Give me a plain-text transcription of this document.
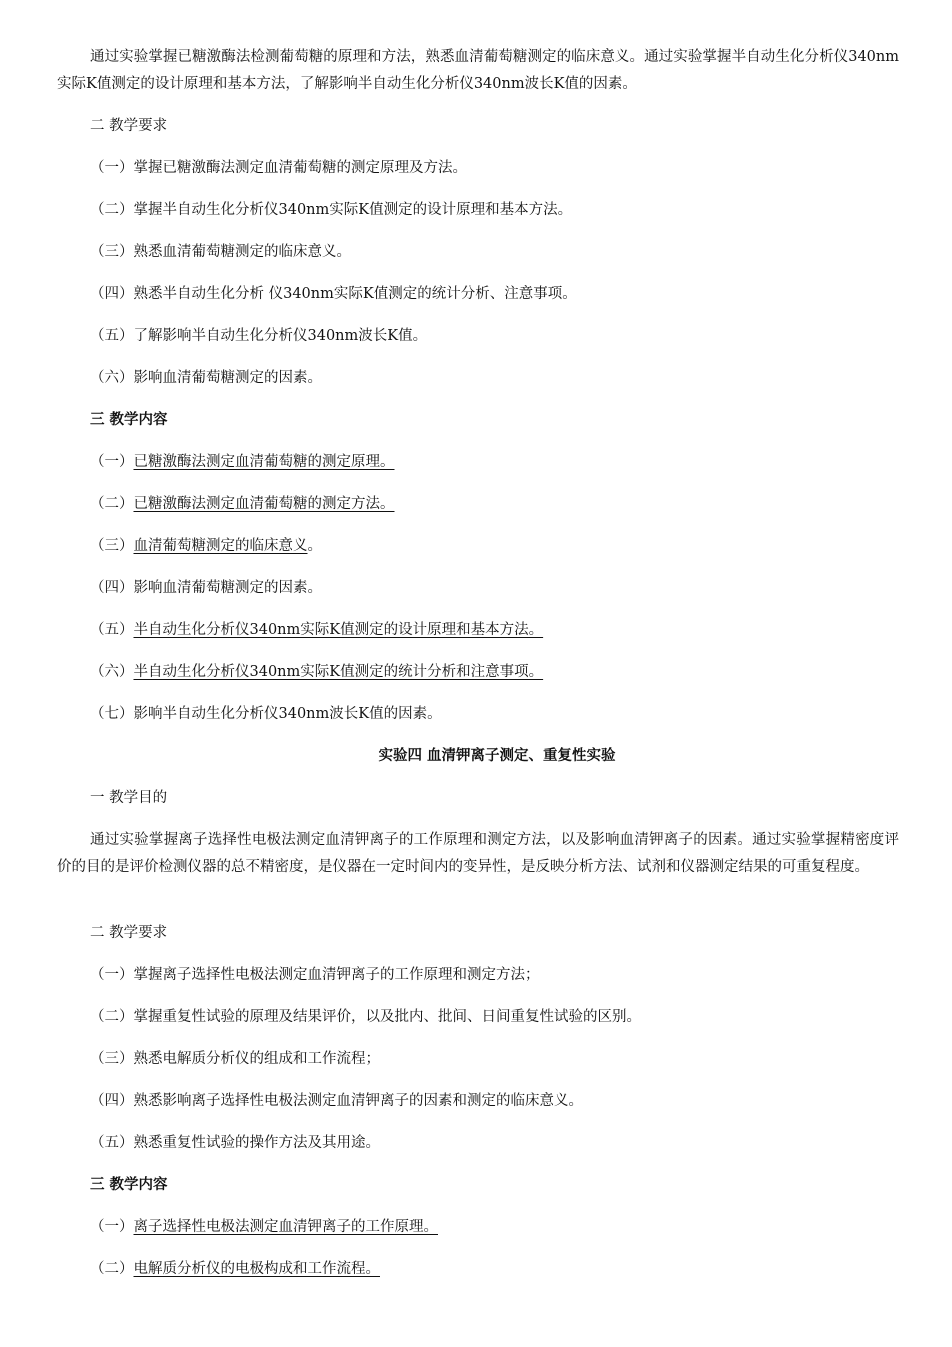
通过实验掌握已糖激酶法检测葡萄糖的原理和方法，熟悉血清葡萄糖测定的临床意义。通过实验掌握半自动生化分析仪340nm实际K值测定的设计原理和基本方法，了解影响半自动生化分析仪340nm波长K值的因素。
二 教学要求
（一）掌握已糖激酶法测定血清葡萄糖的测定原理及方法。
（二）掌握半自动生化分析仪340nm实际K值测定的设计原理和基本方法。
（三）熟悉血清葡萄糖测定的临床意义。
（四）熟悉半自动生化分析 仪340nm实际K值测定的统计分析、注意事项。
（五）了解影响半自动生化分析仪340nm波长K值。
（六）影响血清葡萄糖测定的因素。
三 教学内容
（一）已糖激酶法测定血清葡萄糖的测定原理。
（二）已糖激酶法测定血清葡萄糖的测定方法。
（三）血清葡萄糖测定的临床意义。
（四）影响血清葡萄糖测定的因素。
（五）半自动生化分析仪340nm实际K值测定的设计原理和基本方法。
（六）半自动生化分析仪340nm实际K值测定的统计分析和注意事项。
（七）影响半自动生化分析仪340nm波长K值的因素。
实验四 血清钾离子测定、重复性实验
一 教学目的
通过实验掌握离子选择性电极法测定血清钾离子的工作原理和测定方法，以及影响血清钾离子的因素。通过实验掌握精密度评价的目的是评价检测仪器的总不精密度，是仪器在一定时间内的变异性，是反映分析方法、试剂和仪器测定结果的可重复程度。
二 教学要求
（一）掌握离子选择性电极法测定血清钾离子的工作原理和测定方法；
（二）掌握重复性试验的原理及结果评价，以及批内、批间、日间重复性试验的区别。
（三）熟悉电解质分析仪的组成和工作流程；
（四）熟悉影响离子选择性电极法测定血清钾离子的因素和测定的临床意义。
（五）熟悉重复性试验的操作方法及其用途。
三 教学内容
（一）离子选择性电极法测定血清钾离子的工作原理。
（二）电解质分析仪的电极构成和工作流程。
